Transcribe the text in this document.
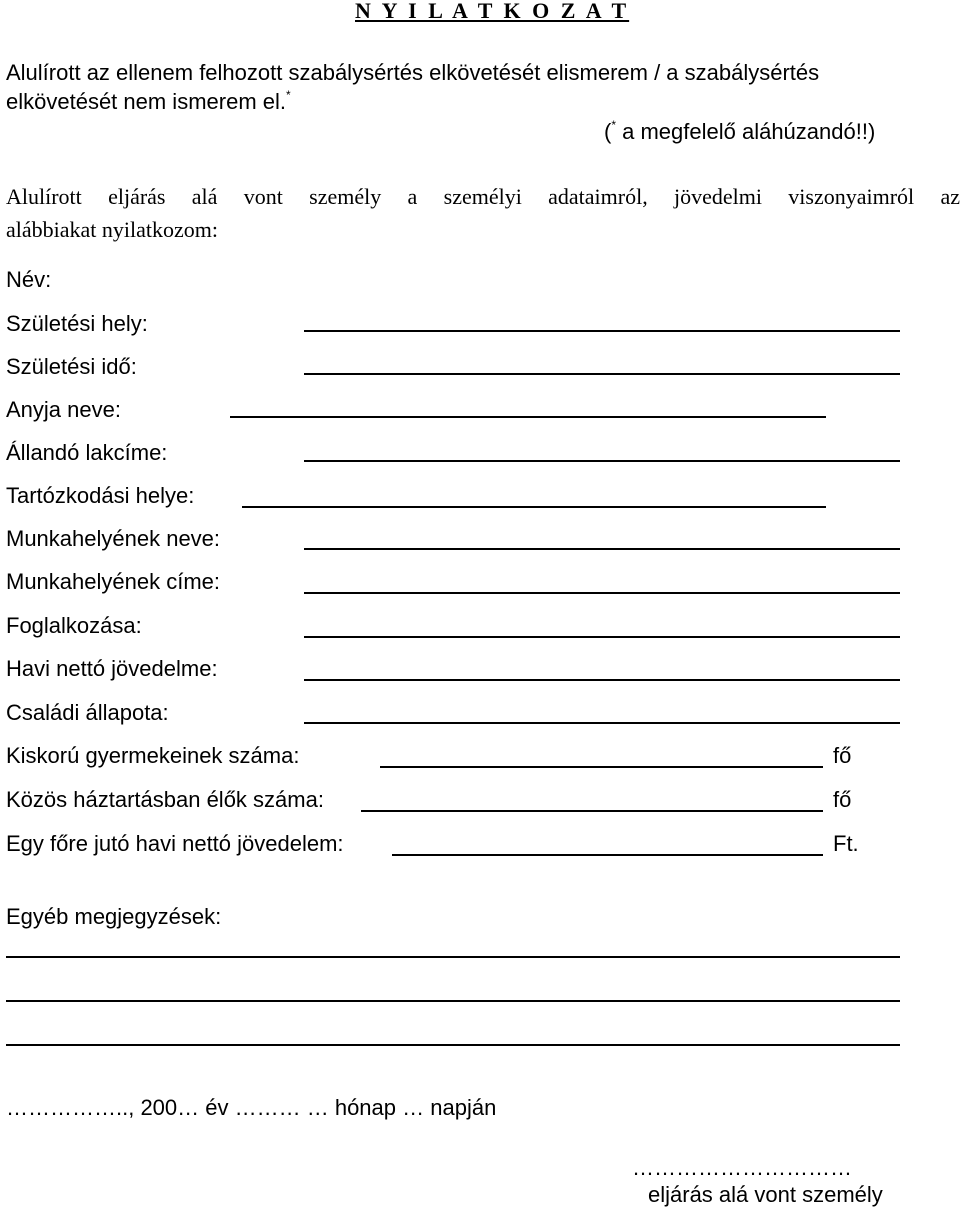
N Y I L A T K O Z A T
Alulírott az ellenem felhozott szabálysértés elkövetését elismerem / a szabálysértés
elkövetését nem ismerem el.*
(* a megfelelő aláhúzandó!!)
Alulírott eljárás alá vont személy a személyi adataimról, jövedelmi viszonyaimról az
alábbiakat nyilatkozom:
Név:
Születési hely:
Születési idő:
Anyja neve:
Állandó lakcíme:
Tartózkodási helye:
Munkahelyének neve:
Munkahelyének címe:
Foglalkozása:
Havi nettó jövedelme:
Családi állapota:
Kiskorú gyermekeinek száma:	fő
Közös háztartásban élők száma:	fő
Egy főre jutó havi nettó jövedelem:	Ft.
Egyéb megjegyzések:
…………….., 200… év ……… … hónap … napján
…………………………
eljárás alá vont személy
